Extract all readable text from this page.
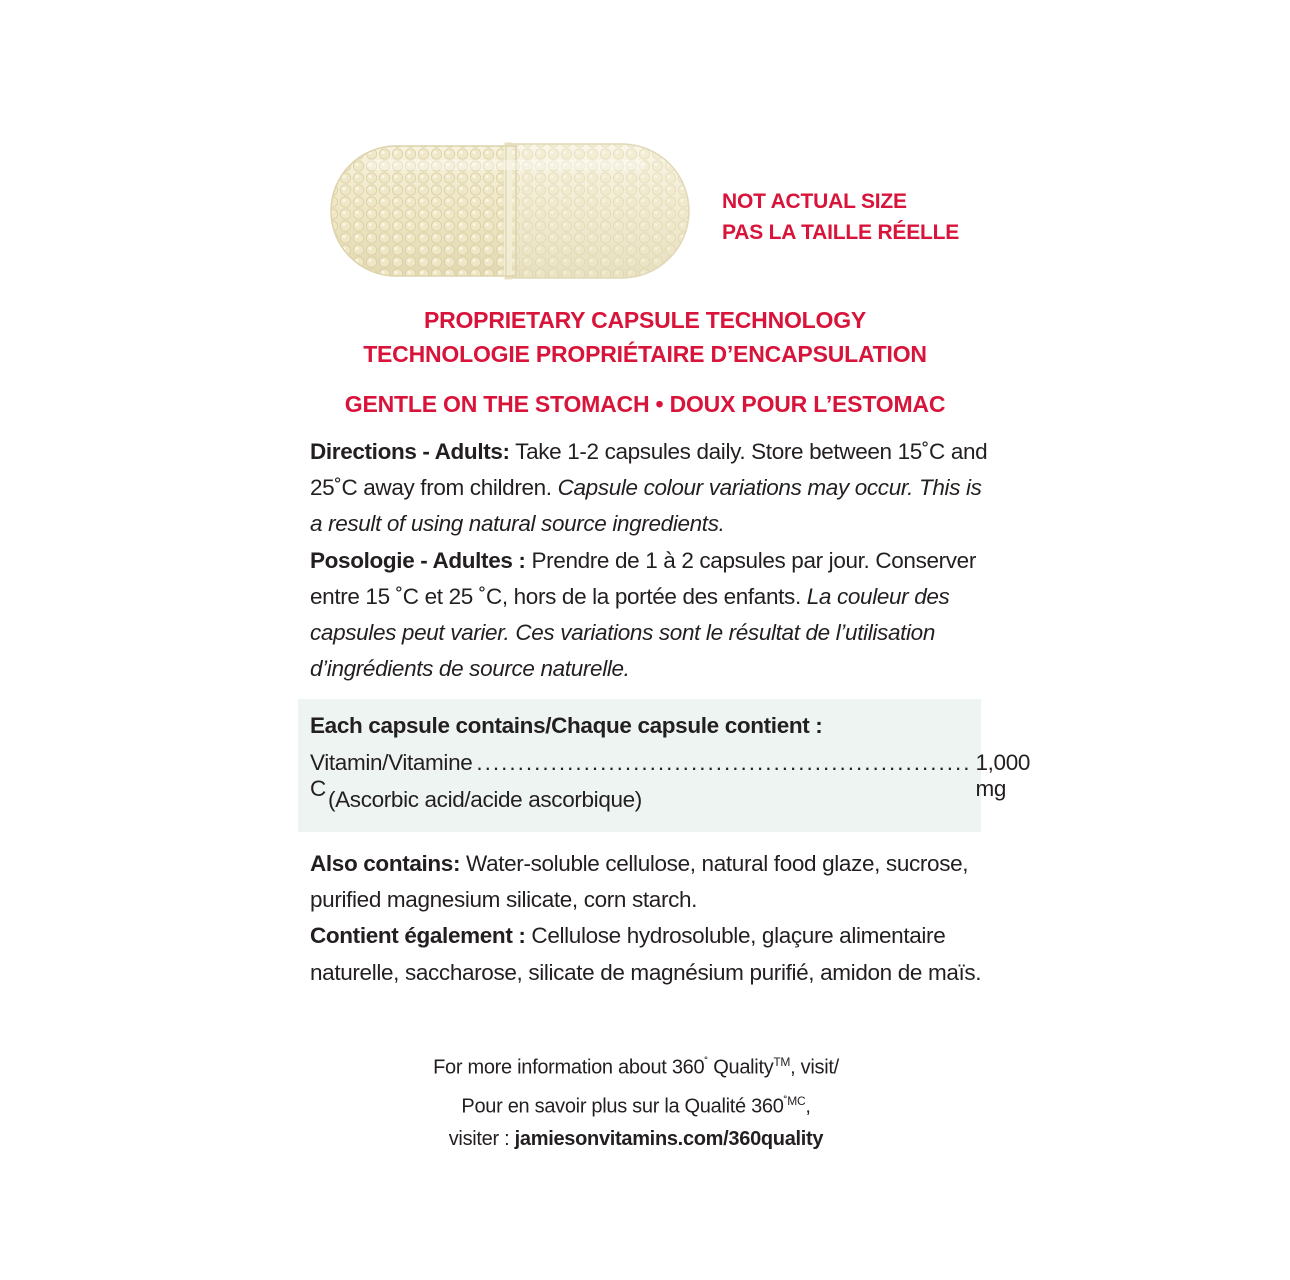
NOT ACTUAL SIZE
PAS LA TAILLE RÉELLE
PROPRIETARY CAPSULE TECHNOLOGY
TECHNOLOGIE PROPRIÉTAIRE D’ENCAPSULATION
GENTLE ON THE STOMACH • DOUX POUR L’ESTOMAC
Directions - Adults: Take 1-2 capsules daily. Store between 15˚C and 25˚C away from children. Capsule colour variations may occur. This is a result of using natural source ingredients.
Posologie - Adultes : Prendre de 1 à 2 capsules par jour. Conserver entre 15 ˚C et 25 ˚C, hors de la portée des enfants. La couleur des capsules peut varier. Ces variations sont le résultat de l’utilisation d’ingrédients de source naturelle.
Each capsule contains/Chaque capsule contient :
Vitamin/Vitamine C
............................................................ 1,000 mg
(Ascorbic acid/acide ascorbique)
Also contains: Water-soluble cellulose, natural food glaze, sucrose, purified magnesium silicate, corn starch.
Contient également : Cellulose hydrosoluble, glaçure alimentaire naturelle, saccharose, silicate de magnésium purifié, amidon de maïs.
For more information about 360˚ Quality™, visit/
Pour en savoir plus sur la Qualité $360^{˚MC}$,
visiter : jamiesonvitamins.com/360quality
